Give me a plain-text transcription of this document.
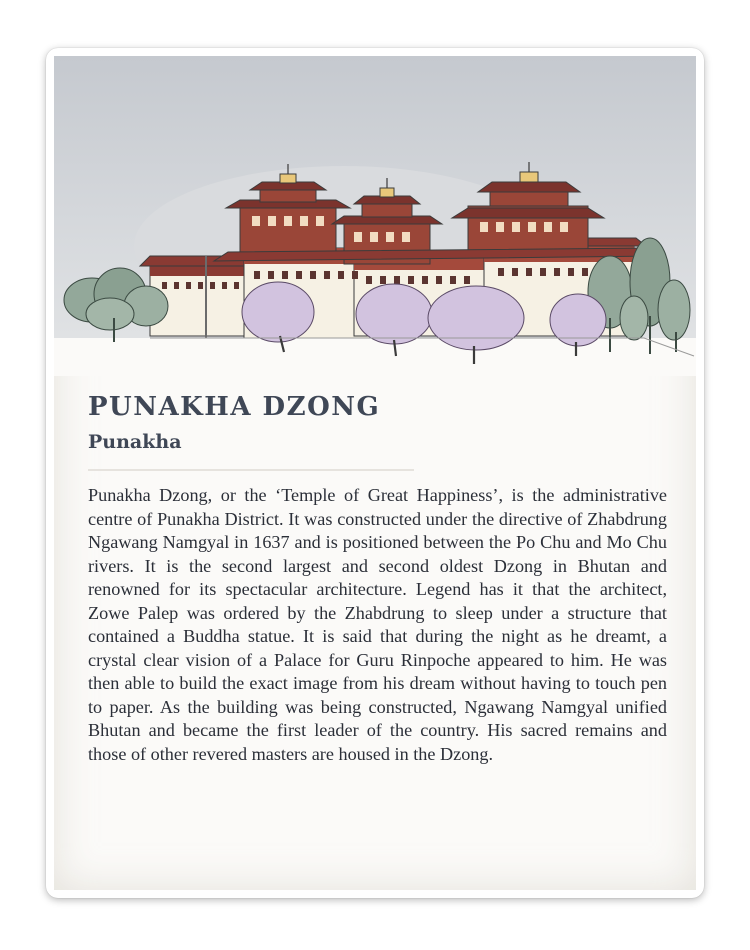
PUNAKHA DZONG
Punakha

Punakha Dzong, or the ‘Temple of Great Happiness’, is the administrative centre of Punakha District. It was constructed under the directive of Zhabdrung Ngawang Namgyal in 1637 and is positioned between the Po Chu and Mo Chu rivers. It is the second largest and second oldest Dzong in Bhutan and renowned for its spectacular architecture. Legend has it that the architect, Zowe Palep was ordered by the Zhabdrung to sleep under a structure that contained a Buddha statue. It is said that during the night as he dreamt, a crystal clear vision of a Palace for Guru Rinpoche appeared to him. He was then able to build the exact image from his dream without having to touch pen to paper. As the building was being constructed, Ngawang Namgyal unified Bhutan and became the first leader of the country. His sacred remains and those of other revered masters are housed in the Dzong.
